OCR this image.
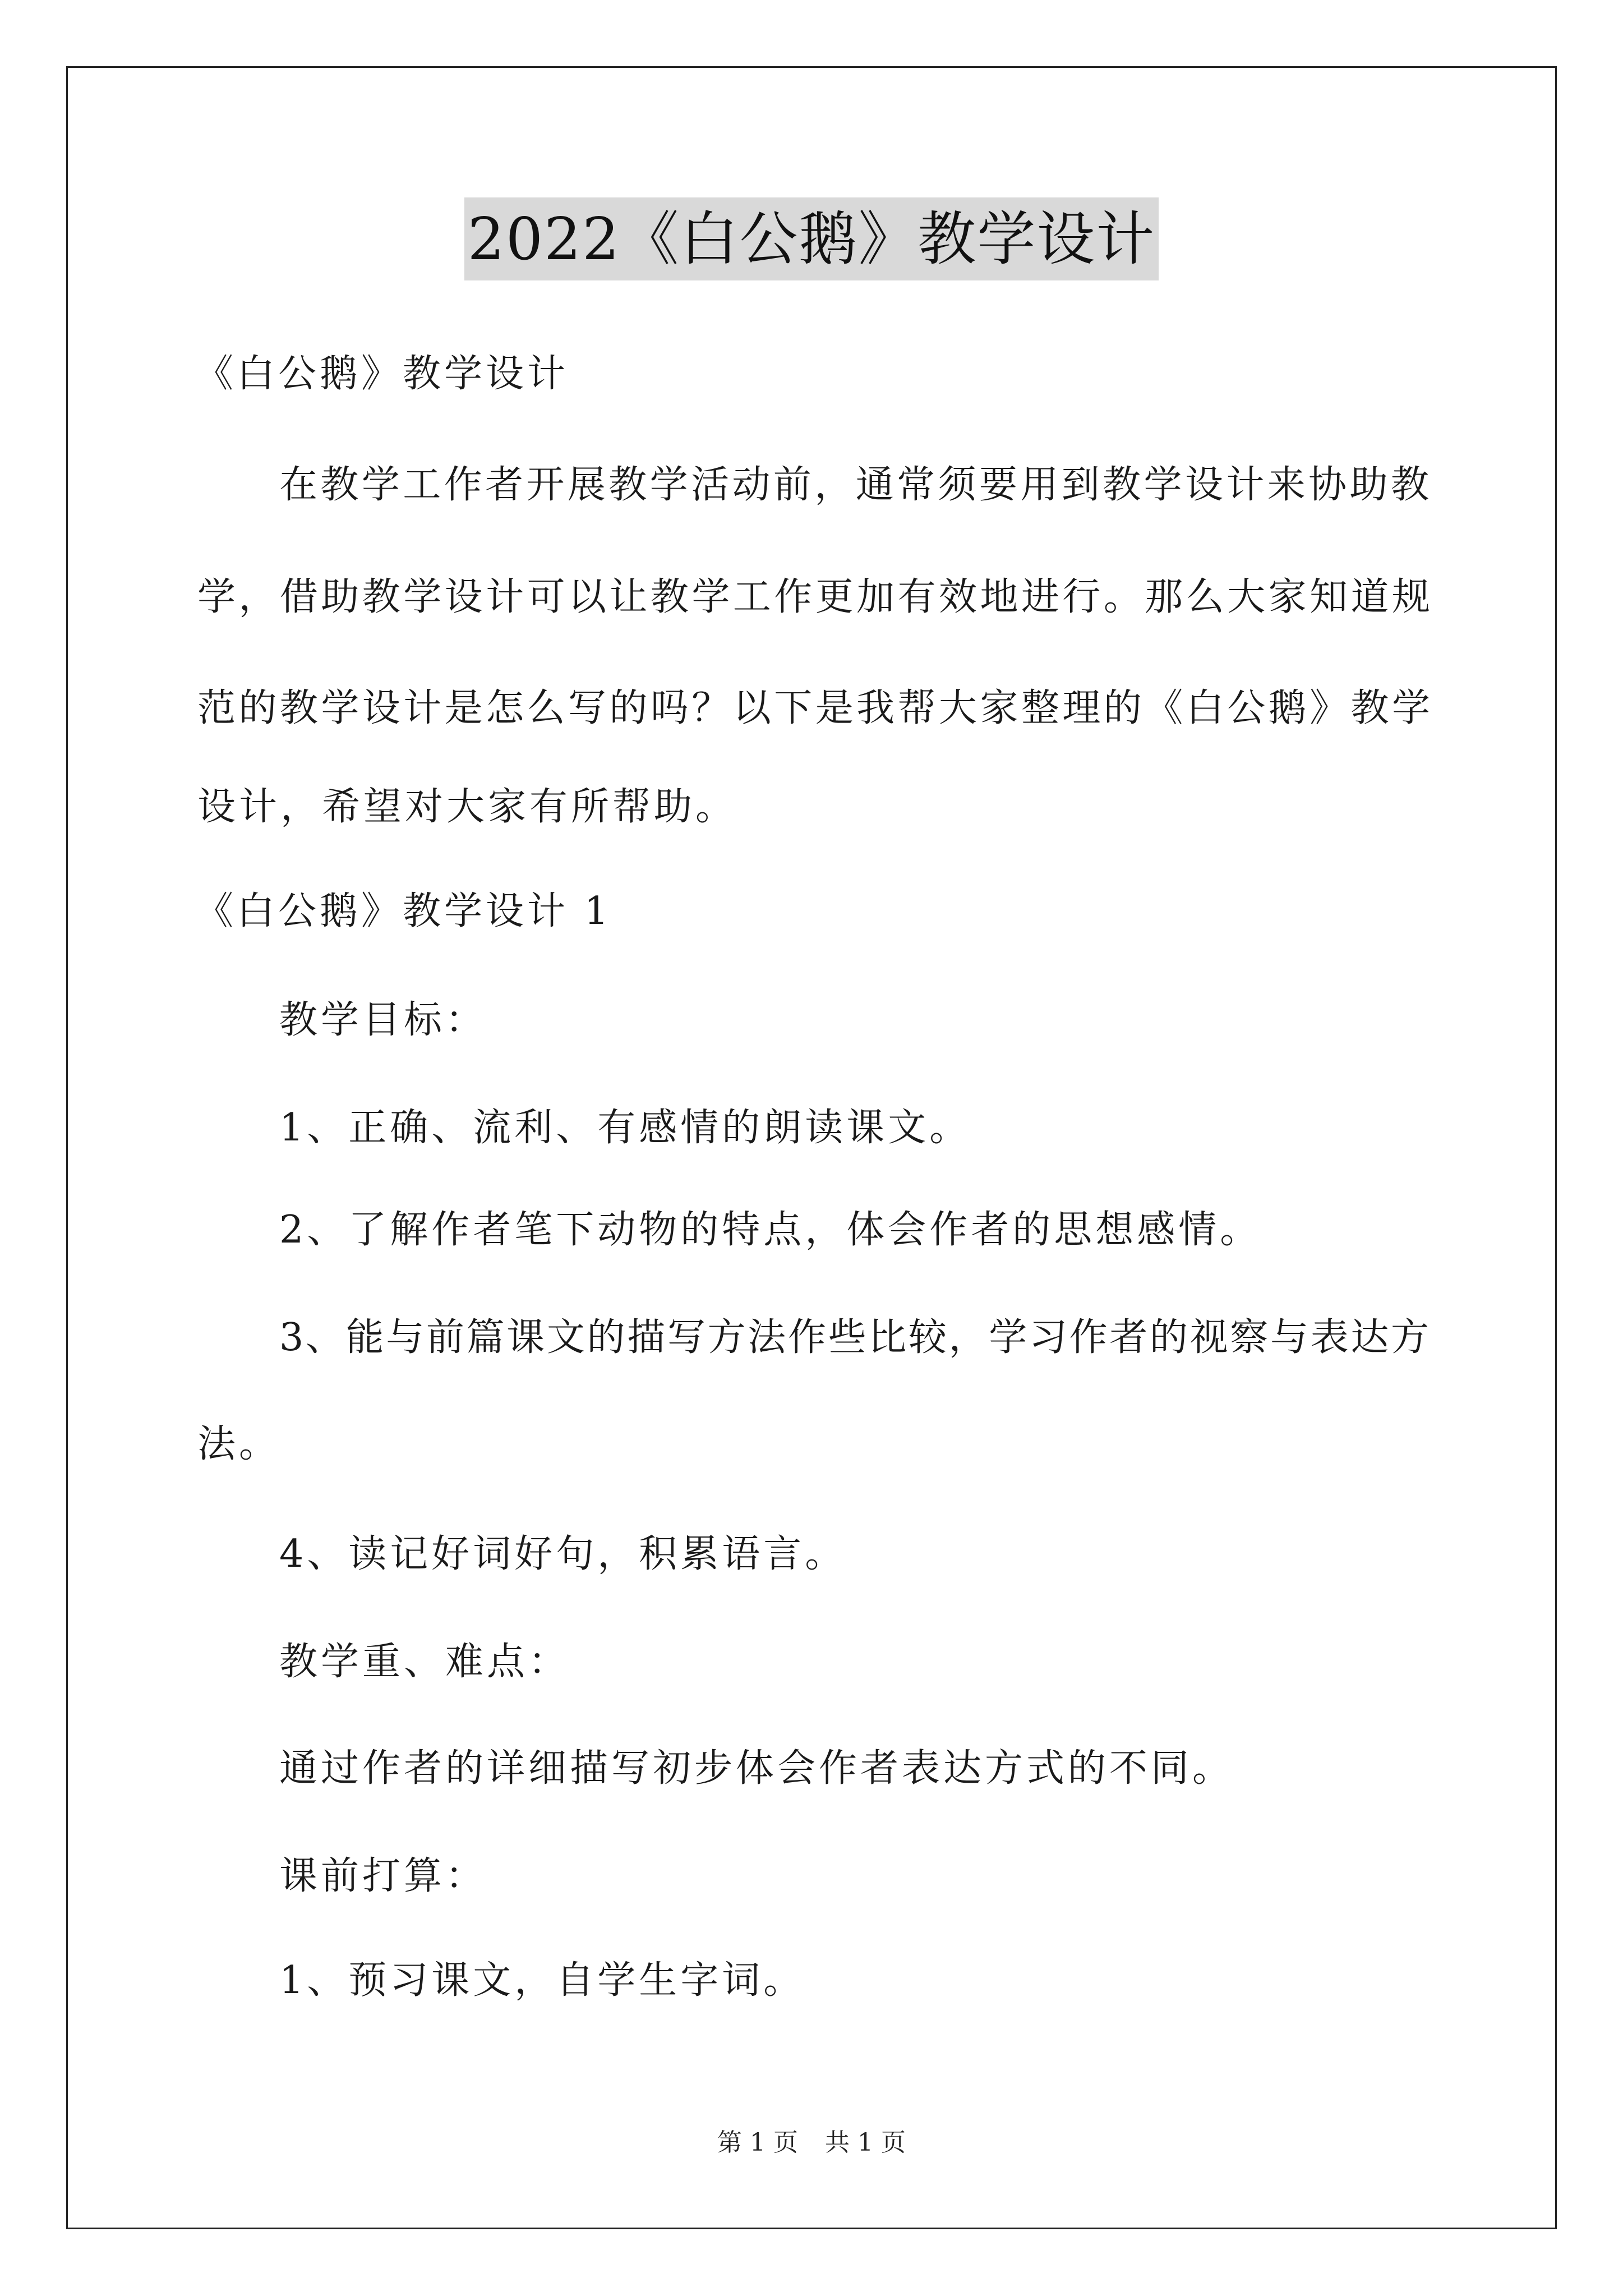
2022《白公鹅》教学设计
《白公鹅》教学设计
在教学工作者开展教学活动前，通常须要用到教学设计来协助教
学，借助教学设计可以让教学工作更加有效地进行。那么大家知道规
范的教学设计是怎么写的吗？以下是我帮大家整理的《白公鹅》教学
设计，希望对大家有所帮助。
《白公鹅》教学设计 1
教学目标：
1、正确、流利、有感情的朗读课文。
2、了解作者笔下动物的特点，体会作者的思想感情。
3、能与前篇课文的描写方法作些比较，学习作者的视察与表达方
法。
4、读记好词好句，积累语言。
教学重、难点：
通过作者的详细描写初步体会作者表达方式的不同。
课前打算：
1、预习课文，自学生字词。
第 1 页 共 1 页
